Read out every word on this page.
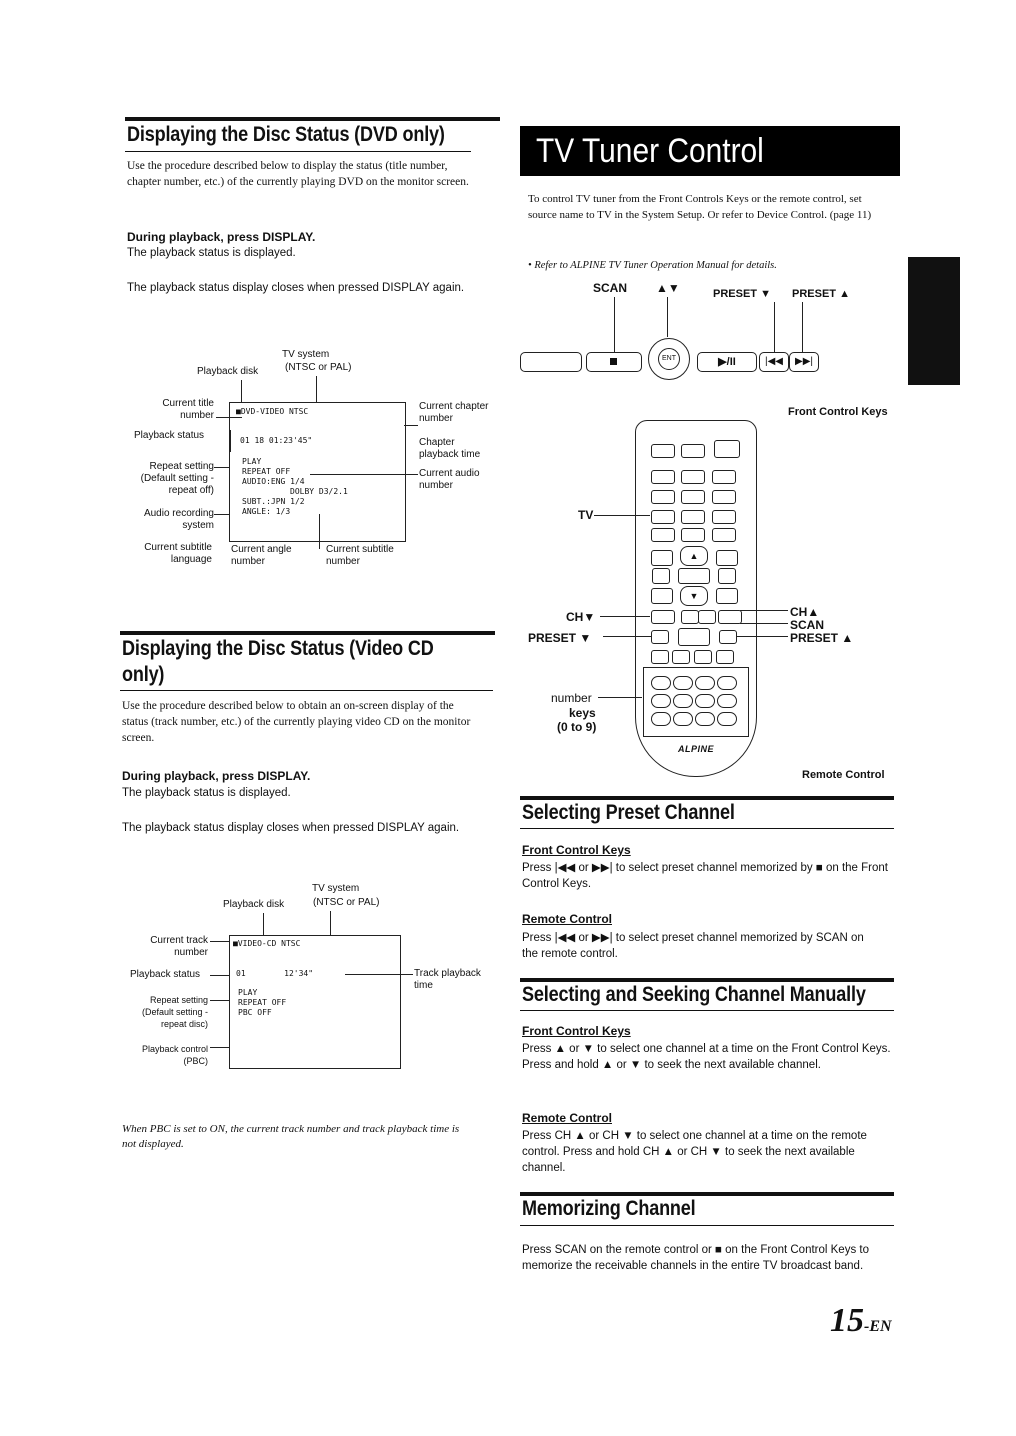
Displaying the Disc Status (DVD only)
Use the procedure described below to display the status (title number, chapter number, etc.) of the currently playing DVD on the monitor screen.
During playback, press DISPLAY.
The playback status is displayed.
The playback status display closes when pressed DISPLAY again.
TV system
(NTSC or PAL)
Playback disk
■DVD-VIDEO NTSC
01 18 01:23'45"
PLAY
REPEAT OFF
AUDIO:ENG 1/4
DOLBY D3/2.1
SUBT.:JPN 1/2
ANGLE: 1/3
Current title number
Playback status
Repeat setting (Default setting - repeat off)
Audio recording system
Current subtitle language
Current angle number
Current subtitle number
Current chapter number
Chapter playback time
Current audio number
Displaying the Disc Status (Video CD
only)
Use the procedure described below to obtain an on-screen display of the status (track number, etc.) of the currently playing video CD on the monitor screen.
During playback, press DISPLAY.
The playback status is displayed.
The playback status display closes when pressed DISPLAY again.
TV system
(NTSC or PAL)
Playback disk
■VIDEO-CD NTSC
01        12'34"
PLAY
REPEAT OFF
PBC OFF
Current track number
Playback status
Repeat setting (Default setting - repeat disc)
Playback control (PBC)
Track playback time
When PBC is set to ON, the current track number and track playback time is not displayed.
TV Tuner Control
To control TV tuner from the Front Controls Keys or the remote control, set source name to TV in the System Setup. Or refer to Device Control. (page 11)
• Refer to ALPINE TV Tuner Operation Manual for details.
SCAN ▲▼	PRESET ▼ PRESET ▲
ENT	▶/II	|◀◀	▶▶|
Front Control Keys
▲
▼
ALPINE
TV
CH▼
PRESET ▼
CH▲
SCAN
PRESET ▲
number
keys
(0 to 9)
Remote Control
Selecting Preset Channel
Front Control Keys
Press |◀◀ or ▶▶| to select preset channel memorized by ■ on the Front Control Keys.
Remote Control
Press |◀◀ or ▶▶| to select preset channel memorized by SCAN on the remote control.
Selecting and Seeking Channel Manually
Front Control Keys
Press ▲ or ▼ to select one channel at a time on the Front Control Keys. Press and hold ▲ or ▼ to seek the next available channel.
Remote Control
Press CH ▲ or CH ▼ to select one channel at a time on the remote control. Press and hold CH ▲ or CH ▼ to seek the next available channel.
Memorizing Channel
Press SCAN on the remote control or ■ on the Front Control Keys to memorize the receivable channels in the entire TV broadcast band.
15-EN
